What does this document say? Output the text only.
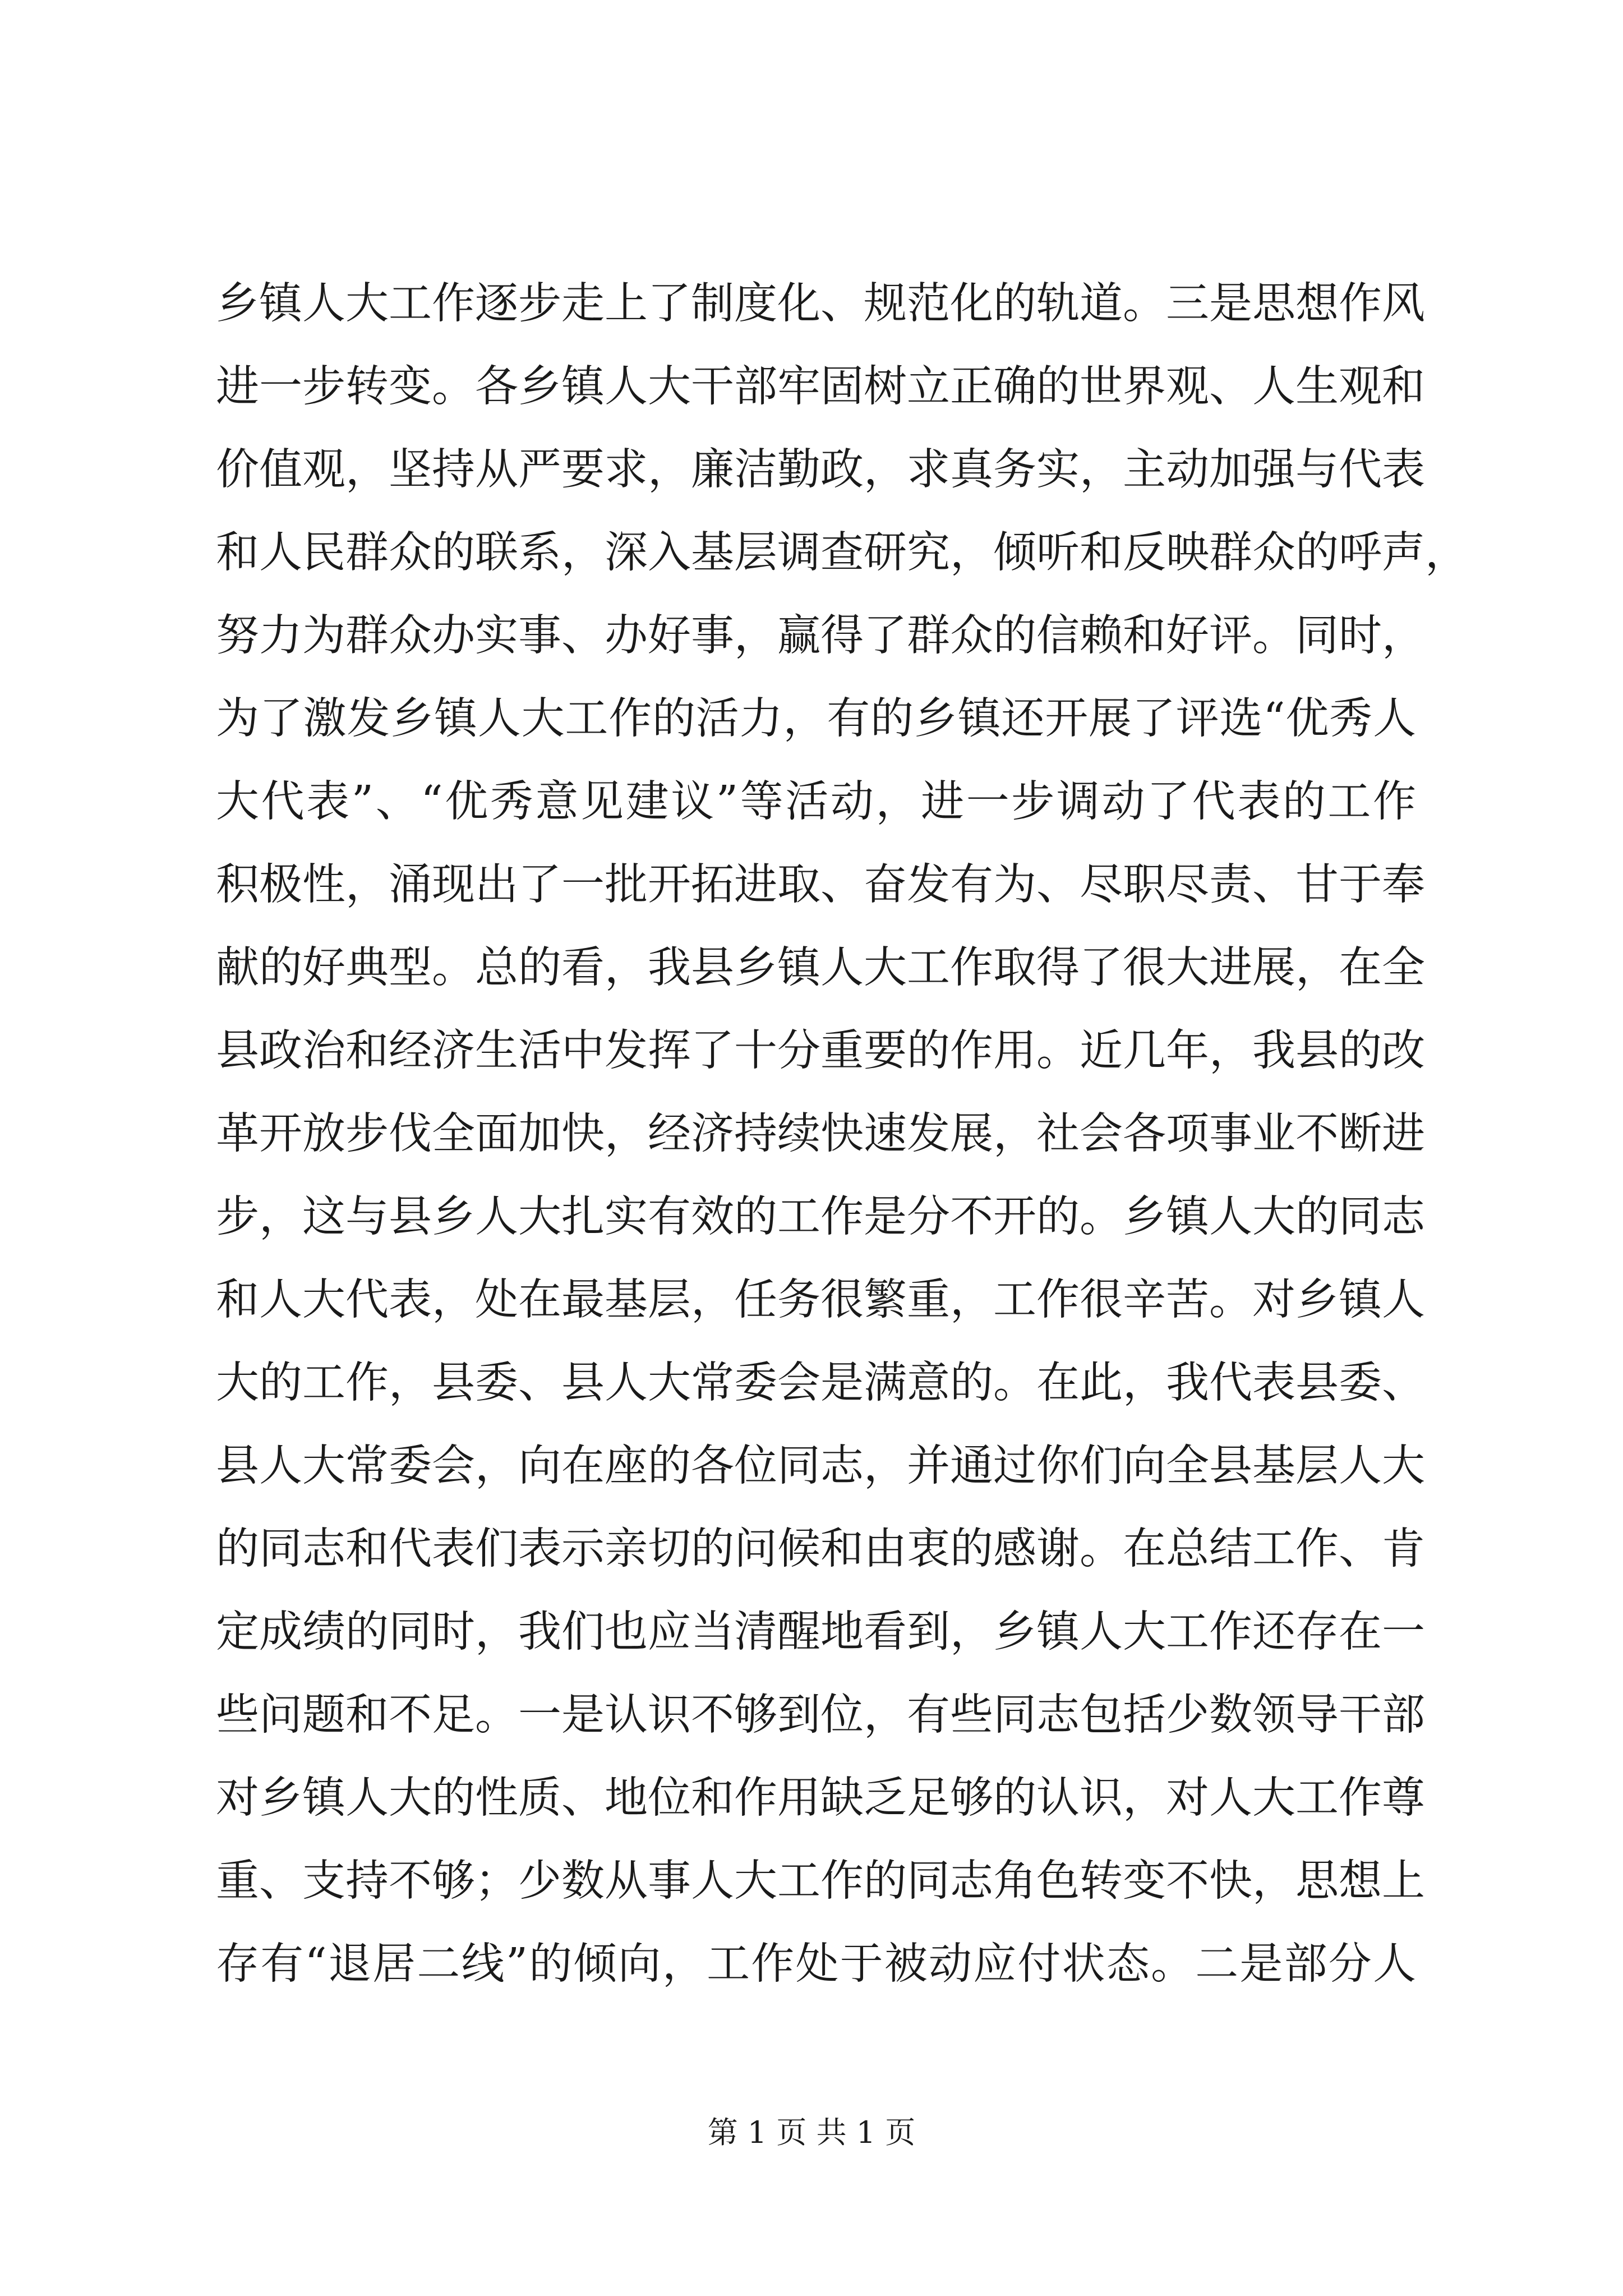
乡镇人大工作逐步走上了制度化、规范化的轨道。三是思想作风
进一步转变。各乡镇人大干部牢固树立正确的世界观、人生观和
价值观，坚持从严要求，廉洁勤政，求真务实，主动加强与代表
和人民群众的联系，深入基层调查研究，倾听和反映群众的呼声，
努力为群众办实事、办好事，赢得了群众的信赖和好评。同时，
为了激发乡镇人大工作的活力，有的乡镇还开展了评选“优秀人
大代表”、“优秀意见建议”等活动，进一步调动了代表的工作
积极性，涌现出了一批开拓进取、奋发有为、尽职尽责、甘于奉
献的好典型。总的看，我县乡镇人大工作取得了很大进展，在全
县政治和经济生活中发挥了十分重要的作用。近几年，我县的改
革开放步伐全面加快，经济持续快速发展，社会各项事业不断进
步，这与县乡人大扎实有效的工作是分不开的。乡镇人大的同志
和人大代表，处在最基层，任务很繁重，工作很辛苦。对乡镇人
大的工作，县委、县人大常委会是满意的。在此，我代表县委、
县人大常委会，向在座的各位同志，并通过你们向全县基层人大
的同志和代表们表示亲切的问候和由衷的感谢。在总结工作、肯
定成绩的同时，我们也应当清醒地看到，乡镇人大工作还存在一
些问题和不足。一是认识不够到位，有些同志包括少数领导干部
对乡镇人大的性质、地位和作用缺乏足够的认识，对人大工作尊
重、支持不够；少数从事人大工作的同志角色转变不快，思想上
存有“退居二线”的倾向，工作处于被动应付状态。二是部分人
第 1 页 共 1 页
